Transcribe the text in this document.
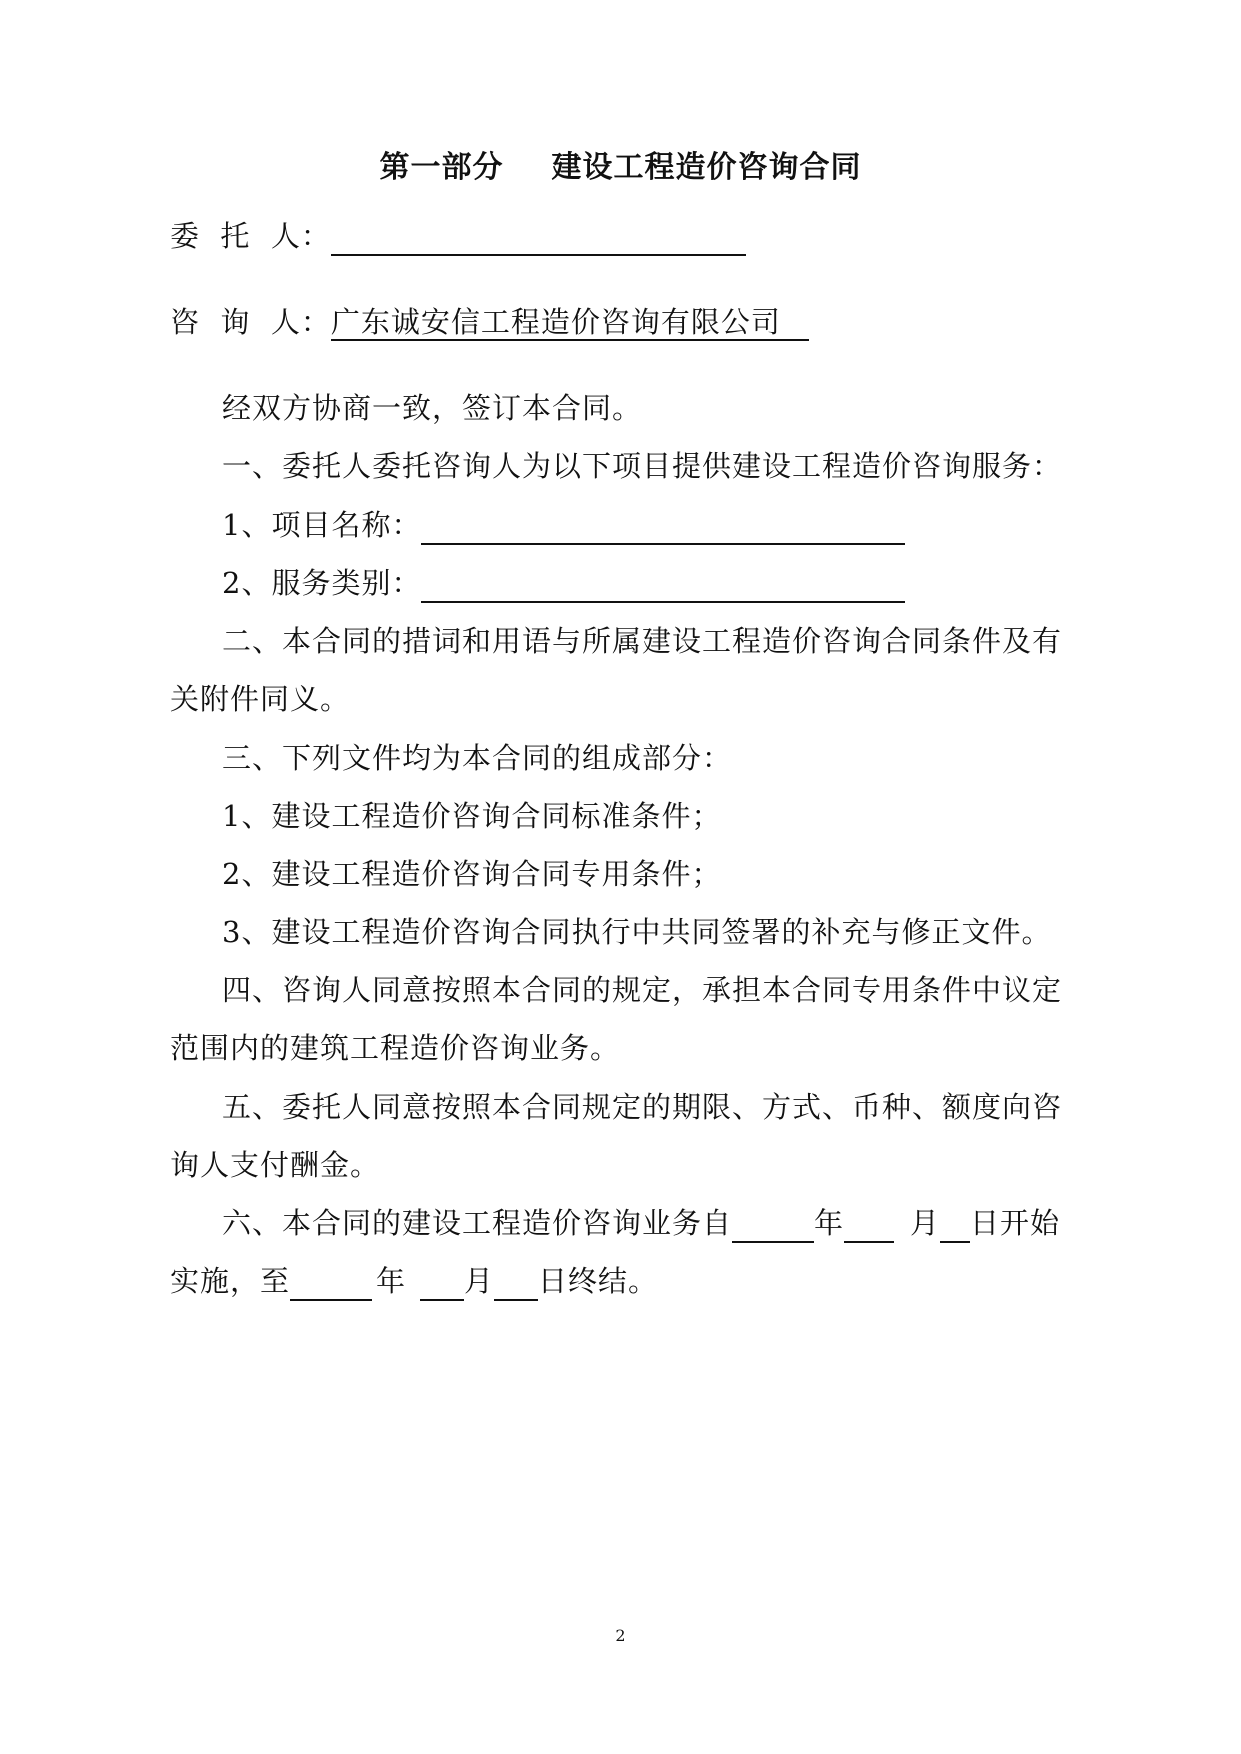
第一部分 建设工程造价咨询合同
委  托  人：
咨  询  人：广东诚安信工程造价咨询有限公司
经双方协商一致，签订本合同。
一、委托人委托咨询人为以下项目提供建设工程造价咨询服务：
1、项目名称：
2、服务类别：
二、本合同的措词和用语与所属建设工程造价咨询合同条件及有
关附件同义。
三、下列文件均为本合同的组成部分：
1、建设工程造价咨询合同标准条件；
2、建设工程造价咨询合同专用条件；
3、建设工程造价咨询合同执行中共同签署的补充与修正文件。
四、咨询人同意按照本合同的规定，承担本合同专用条件中议定
范围内的建筑工程造价咨询业务。
五、委托人同意按照本合同规定的期限、方式、币种、额度向咨
询人支付酬金。
六、本合同的建设工程造价咨询业务自	年 月 日开始
实施，至	年 月 日终结。
2
